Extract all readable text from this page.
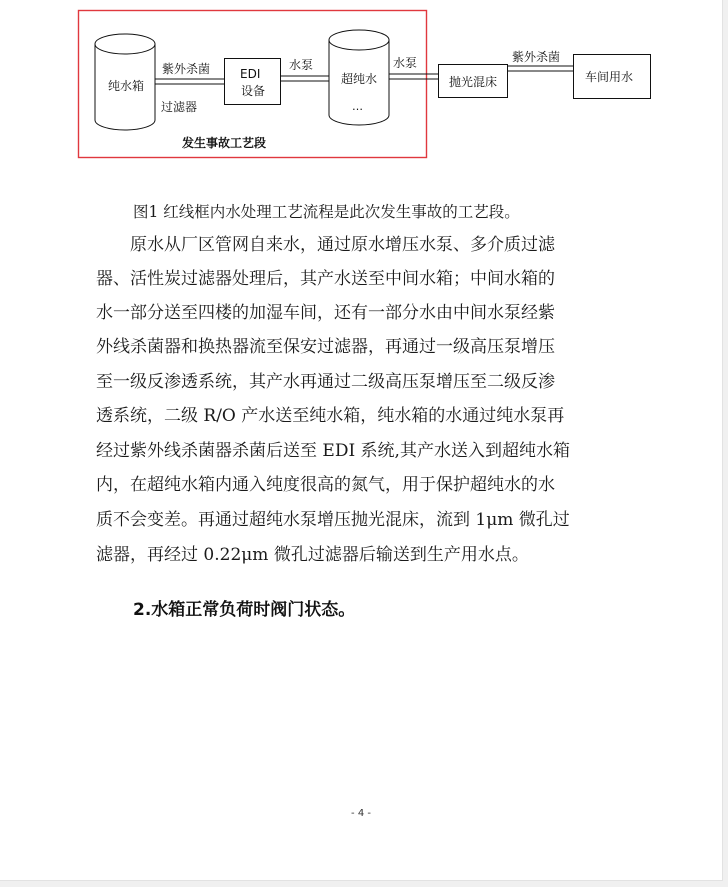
纯水箱
紫外杀菌
过滤器
EDI
设备
水泵
超纯水
…
水泵
抛光混床
紫外杀菌
车间用水
发生事故工艺段
图1 红线框内水处理工艺流程是此次发生事故的工艺段。
　　原水从厂区管网自来水，通过原水增压水泵、多介质过滤
器、活性炭过滤器处理后，其产水送至中间水箱；中间水箱的
水一部分送至四楼的加湿车间，还有一部分水由中间水泵经紫
外线杀菌器和换热器流至保安过滤器，再通过一级高压泵增压
至一级反渗透系统，其产水再通过二级高压泵增压至二级反渗
透系统，二级 R/O 产水送至纯水箱，纯水箱的水通过纯水泵再
经过紫外线杀菌器杀菌后送至 EDI 系统,其产水送入到超纯水箱
内，在超纯水箱内通入纯度很高的氮气，用于保护超纯水的水
质不会变差。再通过超纯水泵增压抛光混床，流到 1μm 微孔过
滤器，再经过 0.22μm 微孔过滤器后输送到生产用水点。
2.水箱正常负荷时阀门状态。
- 4 -
